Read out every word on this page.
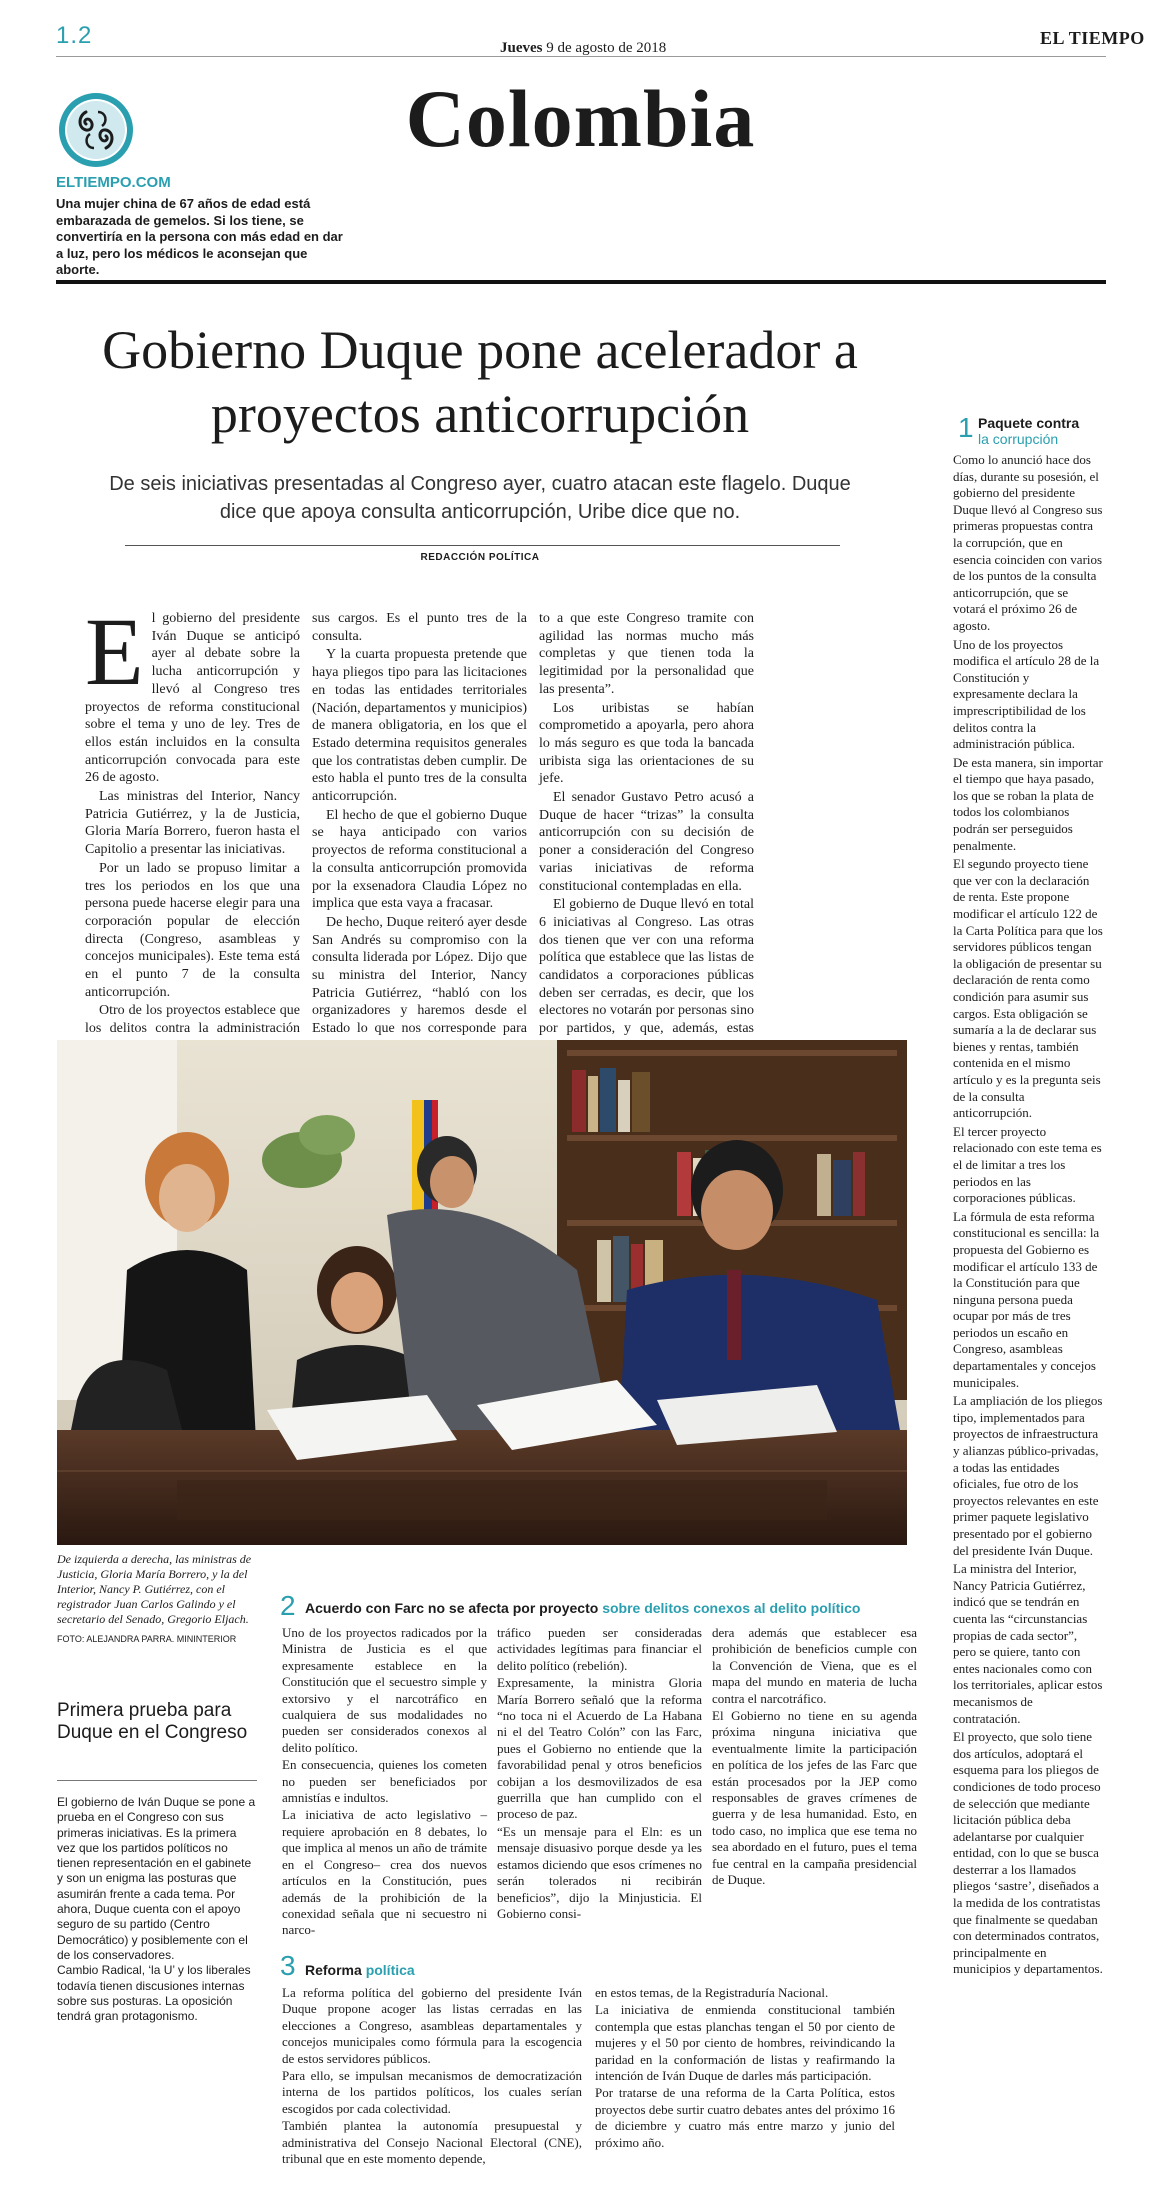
1.2	Jueves 9 de agosto de 2018	EL TIEMPO
Colombia
ELTIEMPO.COM
Una mujer china de 67 años de edad está embarazada de gemelos. Si los tiene, se convertiría en la persona con más edad en dar a luz, pero los médicos le aconsejan que aborte.
Gobierno Duque pone acelerador a proyectos anticorrupción
De seis iniciativas presentadas al Congreso ayer, cuatro atacan este flagelo. Duque dice que apoya consulta anticorrupción, Uribe dice que no.
REDACCIÓN POLÍTICA
E l gobierno del presidente Iván Duque se anticipó ayer al debate sobre la lucha anticorrupción y llevó al Congreso tres proyectos de reforma constitucional sobre el tema y uno de ley. Tres de ellos están incluidos en la consulta anticorrupción convocada para este 26 de agosto.

Las ministras del Interior, Nancy Patricia Gutiérrez, y la de Justicia, Gloria María Borrero, fueron hasta el Capitolio a presentar las iniciativas.

Por un lado se propuso limitar a tres los periodos en los que una persona puede hacerse elegir para una corporación popular de elección directa (Congreso, asambleas y concejos municipales). Este tema está en el punto 7 de la consulta anticorrupción.

Otro de los proyectos establece que los delitos contra la administración

sus cargos. Es el punto tres de la consulta.

Y la cuarta propuesta pretende que haya pliegos tipo para las licitaciones en todas las entidades territoriales (Nación, departamentos y municipios) de manera obligatoria, en los que el Estado determina requisitos generales que los contratistas deben cumplir. De esto habla el punto tres de la consulta anticorrupción.

El hecho de que el gobierno Duque se haya anticipado con varios proyectos de reforma constitucional a la consulta anticorrupción promovida por la exsenadora Claudia López no implica que esta vaya a fracasar.

De hecho, Duque reiteró ayer desde San Andrés su compromiso con la consulta liderada por López. Dijo que su ministra del Interior, Nancy Patricia Gutiérrez, “habló con los organizadores y haremos desde el Estado lo que nos corresponde para

to a que este Congreso tramite con agilidad las normas mucho más completas y que tienen toda la legitimidad por la personalidad que las presenta”.

Los uribistas se habían comprometido a apoyarla, pero ahora lo más seguro es que toda la bancada uribista siga las orientaciones de su jefe.

El senador Gustavo Petro acusó a Duque de hacer “trizas” la consulta anticorrupción con su decisión de poner a consideración del Congreso varias iniciativas de reforma constitucional contempladas en ella.

El gobierno de Duque llevó en total 6 iniciativas al Congreso. Las otras dos tienen que ver con una reforma política que establece que las listas de candidatos a corporaciones públicas deben ser cerradas, es decir, que los electores no votarán por personas sino por partidos, y que, además, estas

De izquierda a derecha, las ministras de Justicia, Gloria María Borrero, y la del Interior, Nancy P. Gutiérrez, con el registrador Juan Carlos Galindo y el secretario del Senado, Gregorio Eljach.
FOTO: ALEJANDRA PARRA. MININTERIOR
1 Paquete contra
la corrupción

Como lo anunció hace dos días, durante su posesión, el gobierno del presidente Duque llevó al Congreso sus primeras propuestas contra la corrupción, que en esencia coinciden con varios de los puntos de la consulta anticorrupción, que se votará el próximo 26 de agosto.

Uno de los proyectos modifica el artículo 28 de la Constitución y expresamente declara la imprescriptibilidad de los delitos contra la administración pública.

De esta manera, sin importar el tiempo que haya pasado, los que se roban la plata de todos los colombianos podrán ser perseguidos penalmente.

El segundo proyecto tiene que ver con la declaración de renta. Este propone modificar el artículo 122 de la Carta Política para que los servidores públicos tengan la obligación de presentar su declaración de renta como condición para asumir sus cargos. Esta obligación se sumaría a la de declarar sus bienes y rentas, también contenida en el mismo artículo y es la pregunta seis de la consulta anticorrupción.

El tercer proyecto relacionado con este tema es el de limitar a tres los periodos en las corporaciones públicas.

La fórmula de esta reforma constitucional es sencilla: la propuesta del Gobierno es modificar el artículo 133 de la Constitución para que ninguna persona pueda ocupar por más de tres periodos un escaño en Congreso, asambleas departamentales y concejos municipales.

La ampliación de los pliegos tipo, implementados para proyectos de infraestructura y alianzas público-privadas, a todas las entidades oficiales, fue otro de los proyectos relevantes en este primer paquete legislativo presentado por el gobierno del presidente Iván Duque.

La ministra del Interior, Nancy Patricia Gutiérrez, indicó que se tendrán en cuenta las “circunstancias propias de cada sector”, pero se quiere, tanto con entes nacionales como con los territoriales, aplicar estos mecanismos de contratación.

El proyecto, que solo tiene dos artículos, adoptará el esquema para los pliegos de condiciones de todo proceso de selección que mediante licitación pública deba adelantarse por cualquier entidad, con lo que se busca desterrar a los llamados pliegos ‘sastre’, diseñados a la medida de los contratistas que finalmente se quedaban con determinados contratos, principalmente en municipios y departamentos.

2 Acuerdo con Farc no se afecta por proyecto sobre delitos conexos al delito político

Uno de los proyectos radicados por la Ministra de Justicia es el que expresamente establece en la Constitución que el secuestro simple y extorsivo y el narcotráfico en cualquiera de sus modalidades no pueden ser considerados conexos al delito político.

En consecuencia, quienes los cometen no pueden ser beneficiados por amnistías e indultos.

La iniciativa de acto legislativo –requiere aprobación en 8 debates, lo que implica al menos un año de trámite en el Congreso– crea dos nuevos artículos en la Constitución, pues además de la prohibición de la conexidad señala que ni secuestro ni narco-

tráfico pueden ser consideradas actividades legítimas para financiar el delito político (rebelión).

Expresamente, la ministra Gloria María Borrero señaló que la reforma “no toca ni el Acuerdo de La Habana ni el del Teatro Colón” con las Farc, pues el Gobierno no entiende que la favorabilidad penal y otros beneficios cobijan a los desmovilizados de esa guerrilla que han cumplido con el proceso de paz.

“Es un mensaje para el Eln: es un mensaje disuasivo porque desde ya les estamos diciendo que esos crímenes no serán tolerados ni recibirán beneficios”, dijo la Minjusticia. El Gobierno consi-

dera además que establecer esa prohibición de beneficios cumple con la Convención de Viena, que es el mapa del mundo en materia de lucha contra el narcotráfico.

El Gobierno no tiene en su agenda próxima ninguna iniciativa que eventualmente limite la participación en política de los jefes de las Farc que están procesados por la JEP como responsables de graves crímenes de guerra y de lesa humanidad. Esto, en todo caso, no implica que ese tema no sea abordado en el futuro, pues el tema fue central en la campaña presidencial de Duque.

Primera prueba para Duque en el Congreso

El gobierno de Iván Duque se pone a prueba en el Congreso con sus primeras iniciativas. Es la primera vez que los partidos políticos no tienen representación en el gabinete y son un enigma las posturas que asumirán frente a cada tema. Por ahora, Duque cuenta con el apoyo seguro de su partido (Centro Democrático) y posiblemente con el de los conservadores.

Cambio Radical, ‘la U’ y los liberales todavía tienen discusiones internas sobre sus posturas. La oposición tendrá gran protagonismo.

3 Reforma política

La reforma política del gobierno del presidente Iván Duque propone acoger las listas cerradas en las elecciones a Congreso, asambleas departamentales y concejos municipales como fórmula para la escogencia de estos servidores públicos.

Para ello, se impulsan mecanismos de democratización interna de los partidos políticos, los cuales serían escogidos por cada colectividad.

También plantea la autonomía presupuestal y administrativa del Consejo Nacional Electoral (CNE), tribunal que en este momento depende,

en estos temas, de la Registraduría Nacional.

La iniciativa de enmienda constitucional también contempla que estas planchas tengan el 50 por ciento de mujeres y el 50 por ciento de hombres, reivindicando la paridad en la conformación de listas y reafirmando la intención de Iván Duque de darles más participación.

Por tratarse de una reforma de la Carta Política, estos proyectos debe surtir cuatro debates antes del próximo 16 de diciembre y cuatro más entre marzo y junio del próximo año.
